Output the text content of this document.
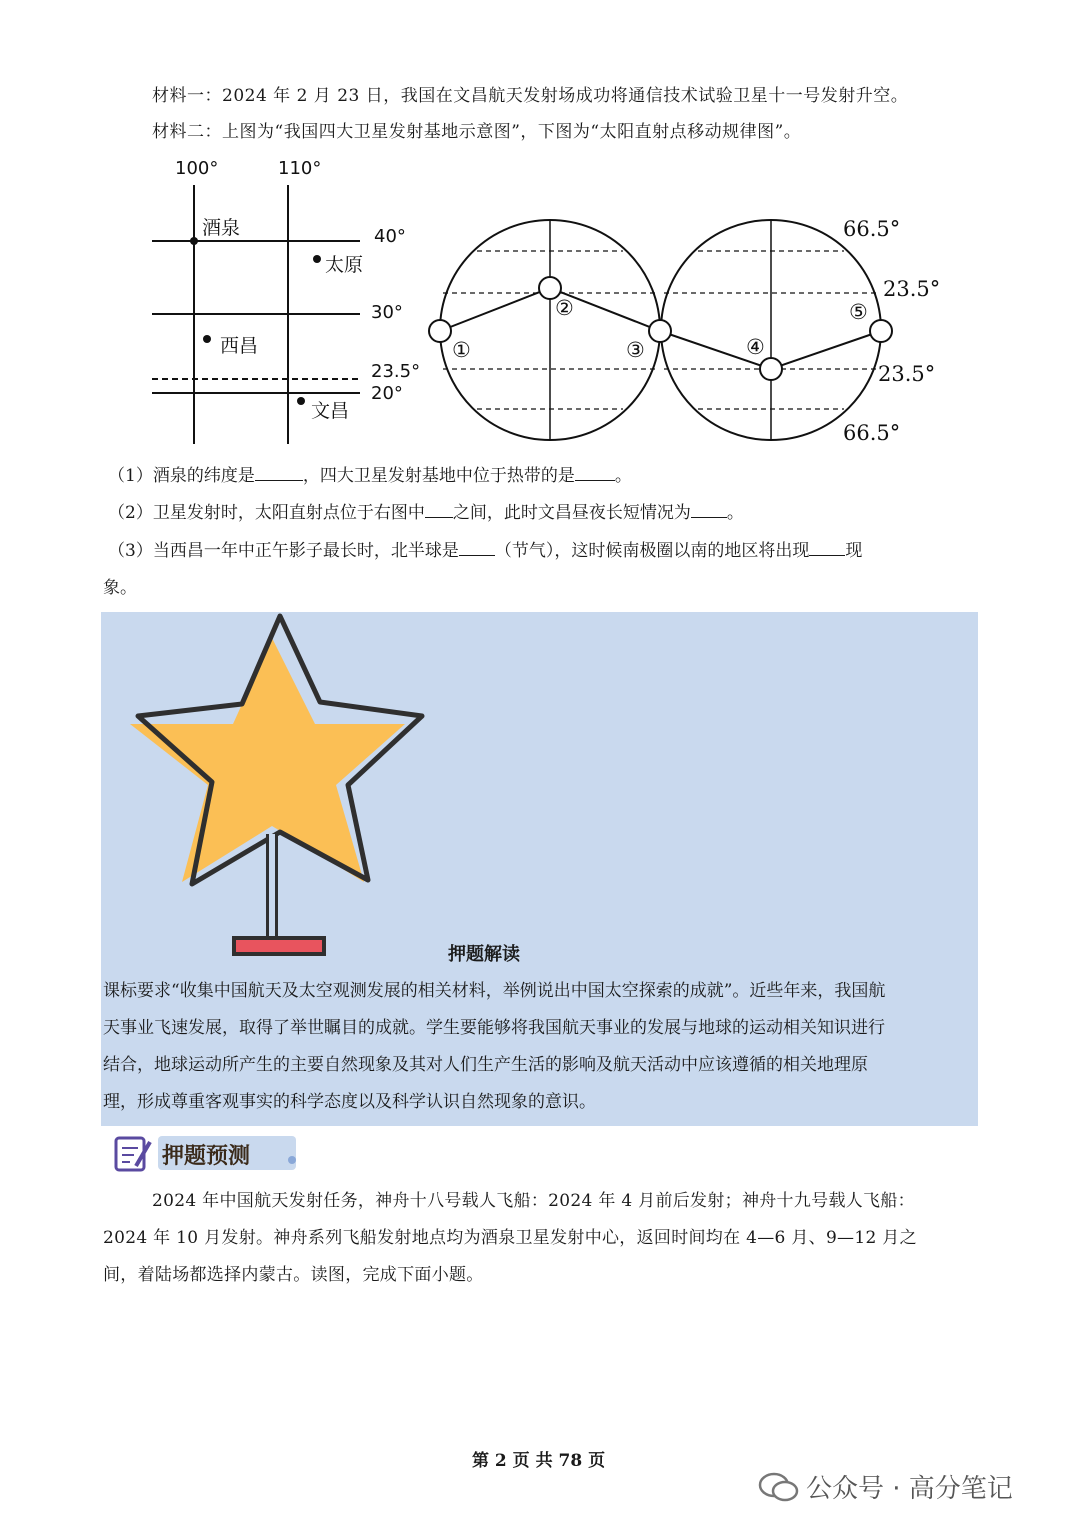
材料一：2024 年 2 月 23 日，我国在文昌航天发射场成功将通信技术试验卫星十一号发射升空。
材料二：上图为“我国四大卫星发射基地示意图”，下图为“太阳直射点移动规律图”。
100°	110°
40°
30°
23.5°
20°
酒泉
太原
西昌
文昌
①
②
③	④
⑤
66.5°
23.5°
23.5°
66.5°
（1）酒泉的纬度是	，四大卫星发射基地中位于热带的是 。
（2）卫星发射时，太阳直射点位于右图中 之间，此时文昌昼夜长短情况为 。
（3）当西昌一年中正午影子最长时，北半球是 （节气），这时候南极圈以南的地区将出现 现
象。
押题解读
课标要求“收集中国航天及太空观测发展的相关材料，举例说出中国太空探索的成就”。近些年来，我国航
天事业飞速发展，取得了举世瞩目的成就。学生要能够将我国航天事业的发展与地球的运动相关知识进行
结合，地球运动所产生的主要自然现象及其对人们生产生活的影响及航天活动中应该遵循的相关地理原
理，形成尊重客观事实的科学态度以及科学认识自然现象的意识。
押题预测
2024 年中国航天发射任务，神舟十八号载人飞船：2024 年 4 月前后发射；神舟十九号载人飞船：
2024 年 10 月发射。神舟系列飞船发射地点均为酒泉卫星发射中心，返回时间均在 4—6 月、9—12 月之
间，着陆场都选择内蒙古。读图，完成下面小题。
第 2 页 共 78 页
公众号 · 高分笔记
